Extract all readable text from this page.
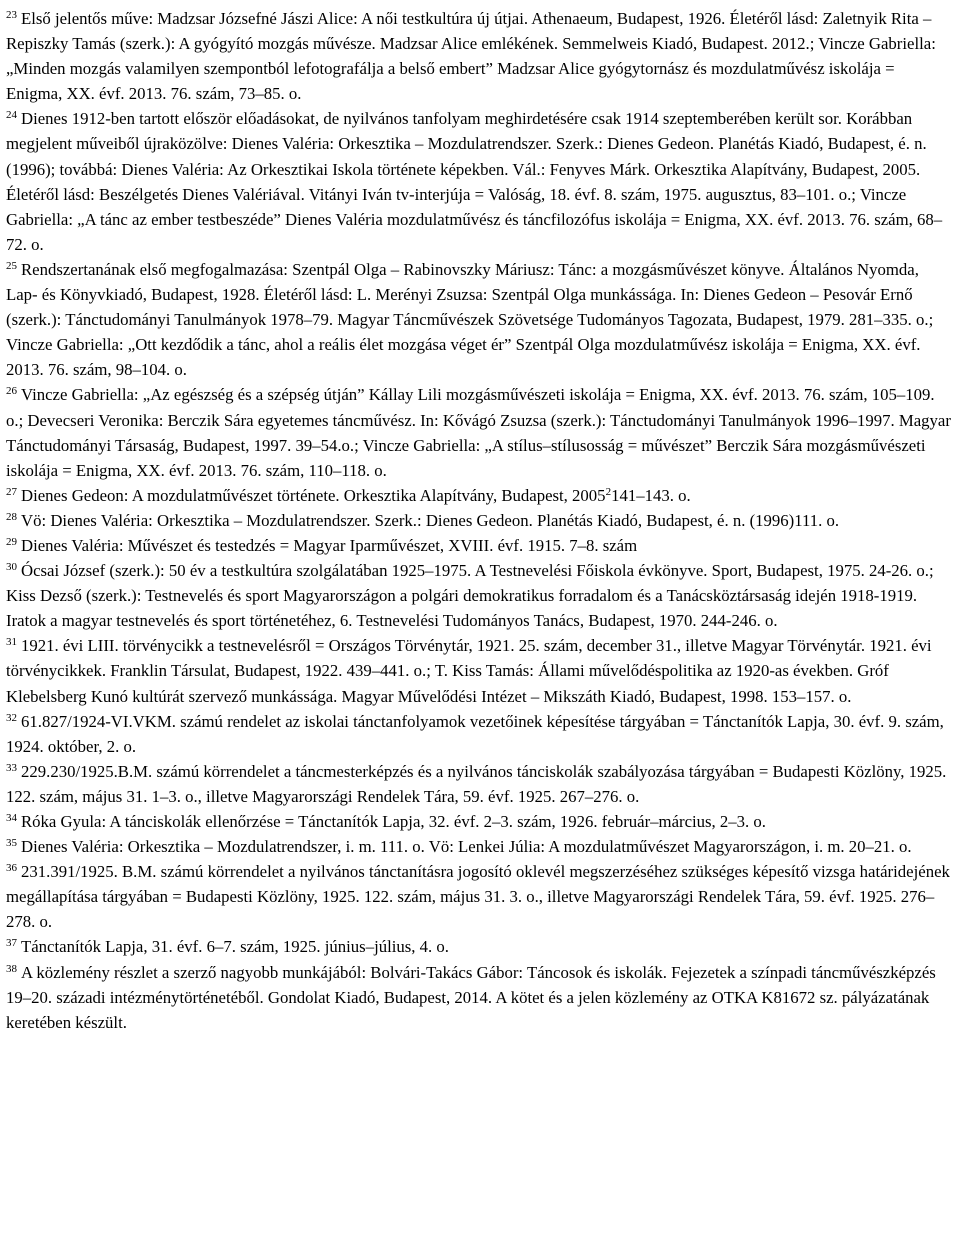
$^{23}$ Első jelentős műve: Madzsar Józsefné Jászi Alice: A női testkultúra új útjai. Athenaeum, Budapest, 1926. Életéről lásd: Zaletnyik Rita – Repiszky Tamás (szerk.): A gyógyító mozgás művésze. Madzsar Alice emlékének. Semmelweis Kiadó, Budapest. 2012.; Vincze Gabriella: „Minden mozgás valamilyen szempontból lefotografálja a belső embert” Madzsar Alice gyógytornász és mozdulatművész iskolája = Enigma, XX. évf. 2013. 76. szám, 73–85. o.

$^{24}$ Dienes 1912-ben tartott először előadásokat, de nyilvános tanfolyam meghirdetésére csak 1914 szeptemberében került sor. Korábban megjelent műveiből újraközölve: Dienes Valéria: Orkesztika – Mozdulatrendszer. Szerk.: Dienes Gedeon. Planétás Kiadó, Budapest, é. n. (1996); továbbá: Dienes Valéria: Az Orkesztikai Iskola története képekben. Vál.: Fenyves Márk. Orkesztika Alapítvány, Budapest, 2005. Életéről lásd: Beszélgetés Dienes Valériával. Vitányi Iván tv-interjúja = Valóság, 18. évf. 8. szám, 1975. augusztus, 83–101. o.; Vincze Gabriella: „A tánc az ember testbeszéde” Dienes Valéria mozdulatművész és táncfilozófus iskolája = Enigma, XX. évf. 2013. 76. szám, 68–72. o.

$^{25}$ Rendszertanának első megfogalmazása: Szentpál Olga – Rabinovszky Máriusz: Tánc: a mozgásművészet könyve. Általános Nyomda, Lap- és Könyvkiadó, Budapest, 1928. Életéről lásd: L. Merényi Zsuzsa: Szentpál Olga munkássága. In: Dienes Gedeon – Pesovár Ernő (szerk.): Tánctudományi Tanulmányok 1978–79. Magyar Táncművészek Szövetsége Tudományos Tagozata, Budapest, 1979. 281–335. o.; Vincze Gabriella: „Ott kezdődik a tánc, ahol a reális élet mozgása véget ér” Szentpál Olga mozdulatművész iskolája = Enigma, XX. évf. 2013. 76. szám, 98–104. o.

$^{26}$ Vincze Gabriella: „Az egészség és a szépség útján” Kállay Lili mozgásművészeti iskolája = Enigma, XX. évf. 2013. 76. szám, 105–109. o.; Devecseri Veronika: Berczik Sára egyetemes táncművész. In: Kővágó Zsuzsa (szerk.): Tánctudományi Tanulmányok 1996–1997. Magyar Tánctudományi Társaság, Budapest, 1997. 39–54.o.; Vincze Gabriella: „A stílus–stílusosság = művészet” Berczik Sára mozgásművészeti iskolája = Enigma, XX. évf. 2013. 76. szám, 110–118. o.

$^{27}$ Dienes Gedeon: A mozdulatművészet története. Orkesztika Alapítvány, Budapest, 2005$^2$141–143. o.

$^{28}$ Vö: Dienes Valéria: Orkesztika – Mozdulatrendszer. Szerk.: Dienes Gedeon. Planétás Kiadó, Budapest, é. n. (1996)111. o.

$^{29}$ Dienes Valéria: Művészet és testedzés = Magyar Iparművészet, XVIII. évf. 1915. 7–8. szám

$^{30}$ Ócsai József (szerk.): 50 év a testkultúra szolgálatában 1925–1975. A Testnevelési Főiskola évkönyve. Sport, Budapest, 1975. 24-26. o.; Kiss Dezső (szerk.): Testnevelés és sport Magyarországon a polgári demokratikus forradalom és a Tanácsköztársaság idején 1918-1919. Iratok a magyar testnevelés és sport történetéhez, 6. Testnevelési Tudományos Tanács, Budapest, 1970. 244-246. o.

$^{31}$ 1921. évi LIII. törvénycikk a testnevelésről = Országos Törvénytár, 1921. 25. szám, december 31., illetve Magyar Törvénytár. 1921. évi törvénycikkek. Franklin Társulat, Budapest, 1922. 439–441. o.; T. Kiss Tamás: Állami művelődéspolitika az 1920-as években. Gróf Klebelsberg Kunó kultúrát szervező munkássága. Magyar Művelődési Intézet – Mikszáth Kiadó, Budapest, 1998. 153–157. o.

$^{32}$ 61.827/1924-VI.VKM. számú rendelet az iskolai tánctanfolyamok vezetőinek képesítése tárgyában = Tánctanítók Lapja, 30. évf. 9. szám, 1924. október, 2. o.

$^{33}$ 229.230/1925.B.M. számú körrendelet a táncmesterképzés és a nyilvános tánciskolák szabályozása tárgyában = Budapesti Közlöny, 1925. 122. szám, május 31. 1–3. o., illetve Magyarországi Rendelek Tára, 59. évf. 1925. 267–276. o.

$^{34}$ Róka Gyula: A tánciskolák ellenőrzése = Tánctanítók Lapja, 32. évf. 2–3. szám, 1926. február–március, 2–3. o.

$^{35}$ Dienes Valéria: Orkesztika – Mozdulatrendszer, i. m. 111. o. Vö: Lenkei Júlia: A mozdulatművészet Magyarországon, i. m. 20–21. o.

$^{36}$ 231.391/1925. B.M. számú körrendelet a nyilvános tánctanításra jogosító oklevél megszerzéséhez szükséges képesítő vizsga határidejének megállapítása tárgyában = Budapesti Közlöny, 1925. 122. szám, május 31. 3. o., illetve Magyarországi Rendelek Tára, 59. évf. 1925. 276–278. o.

$^{37}$ Tánctanítók Lapja, 31. évf. 6–7. szám, 1925. június–július, 4. o.

$^{38}$ A közlemény részlet a szerző nagyobb munkájából: Bolvári-Takács Gábor: Táncosok és iskolák. Fejezetek a színpadi táncművészképzés 19–20. századi intézménytörténetéből. Gondolat Kiadó, Budapest, 2014. A kötet és a jelen közlemény az OTKA K81672 sz. pályázatának keretében készült.
